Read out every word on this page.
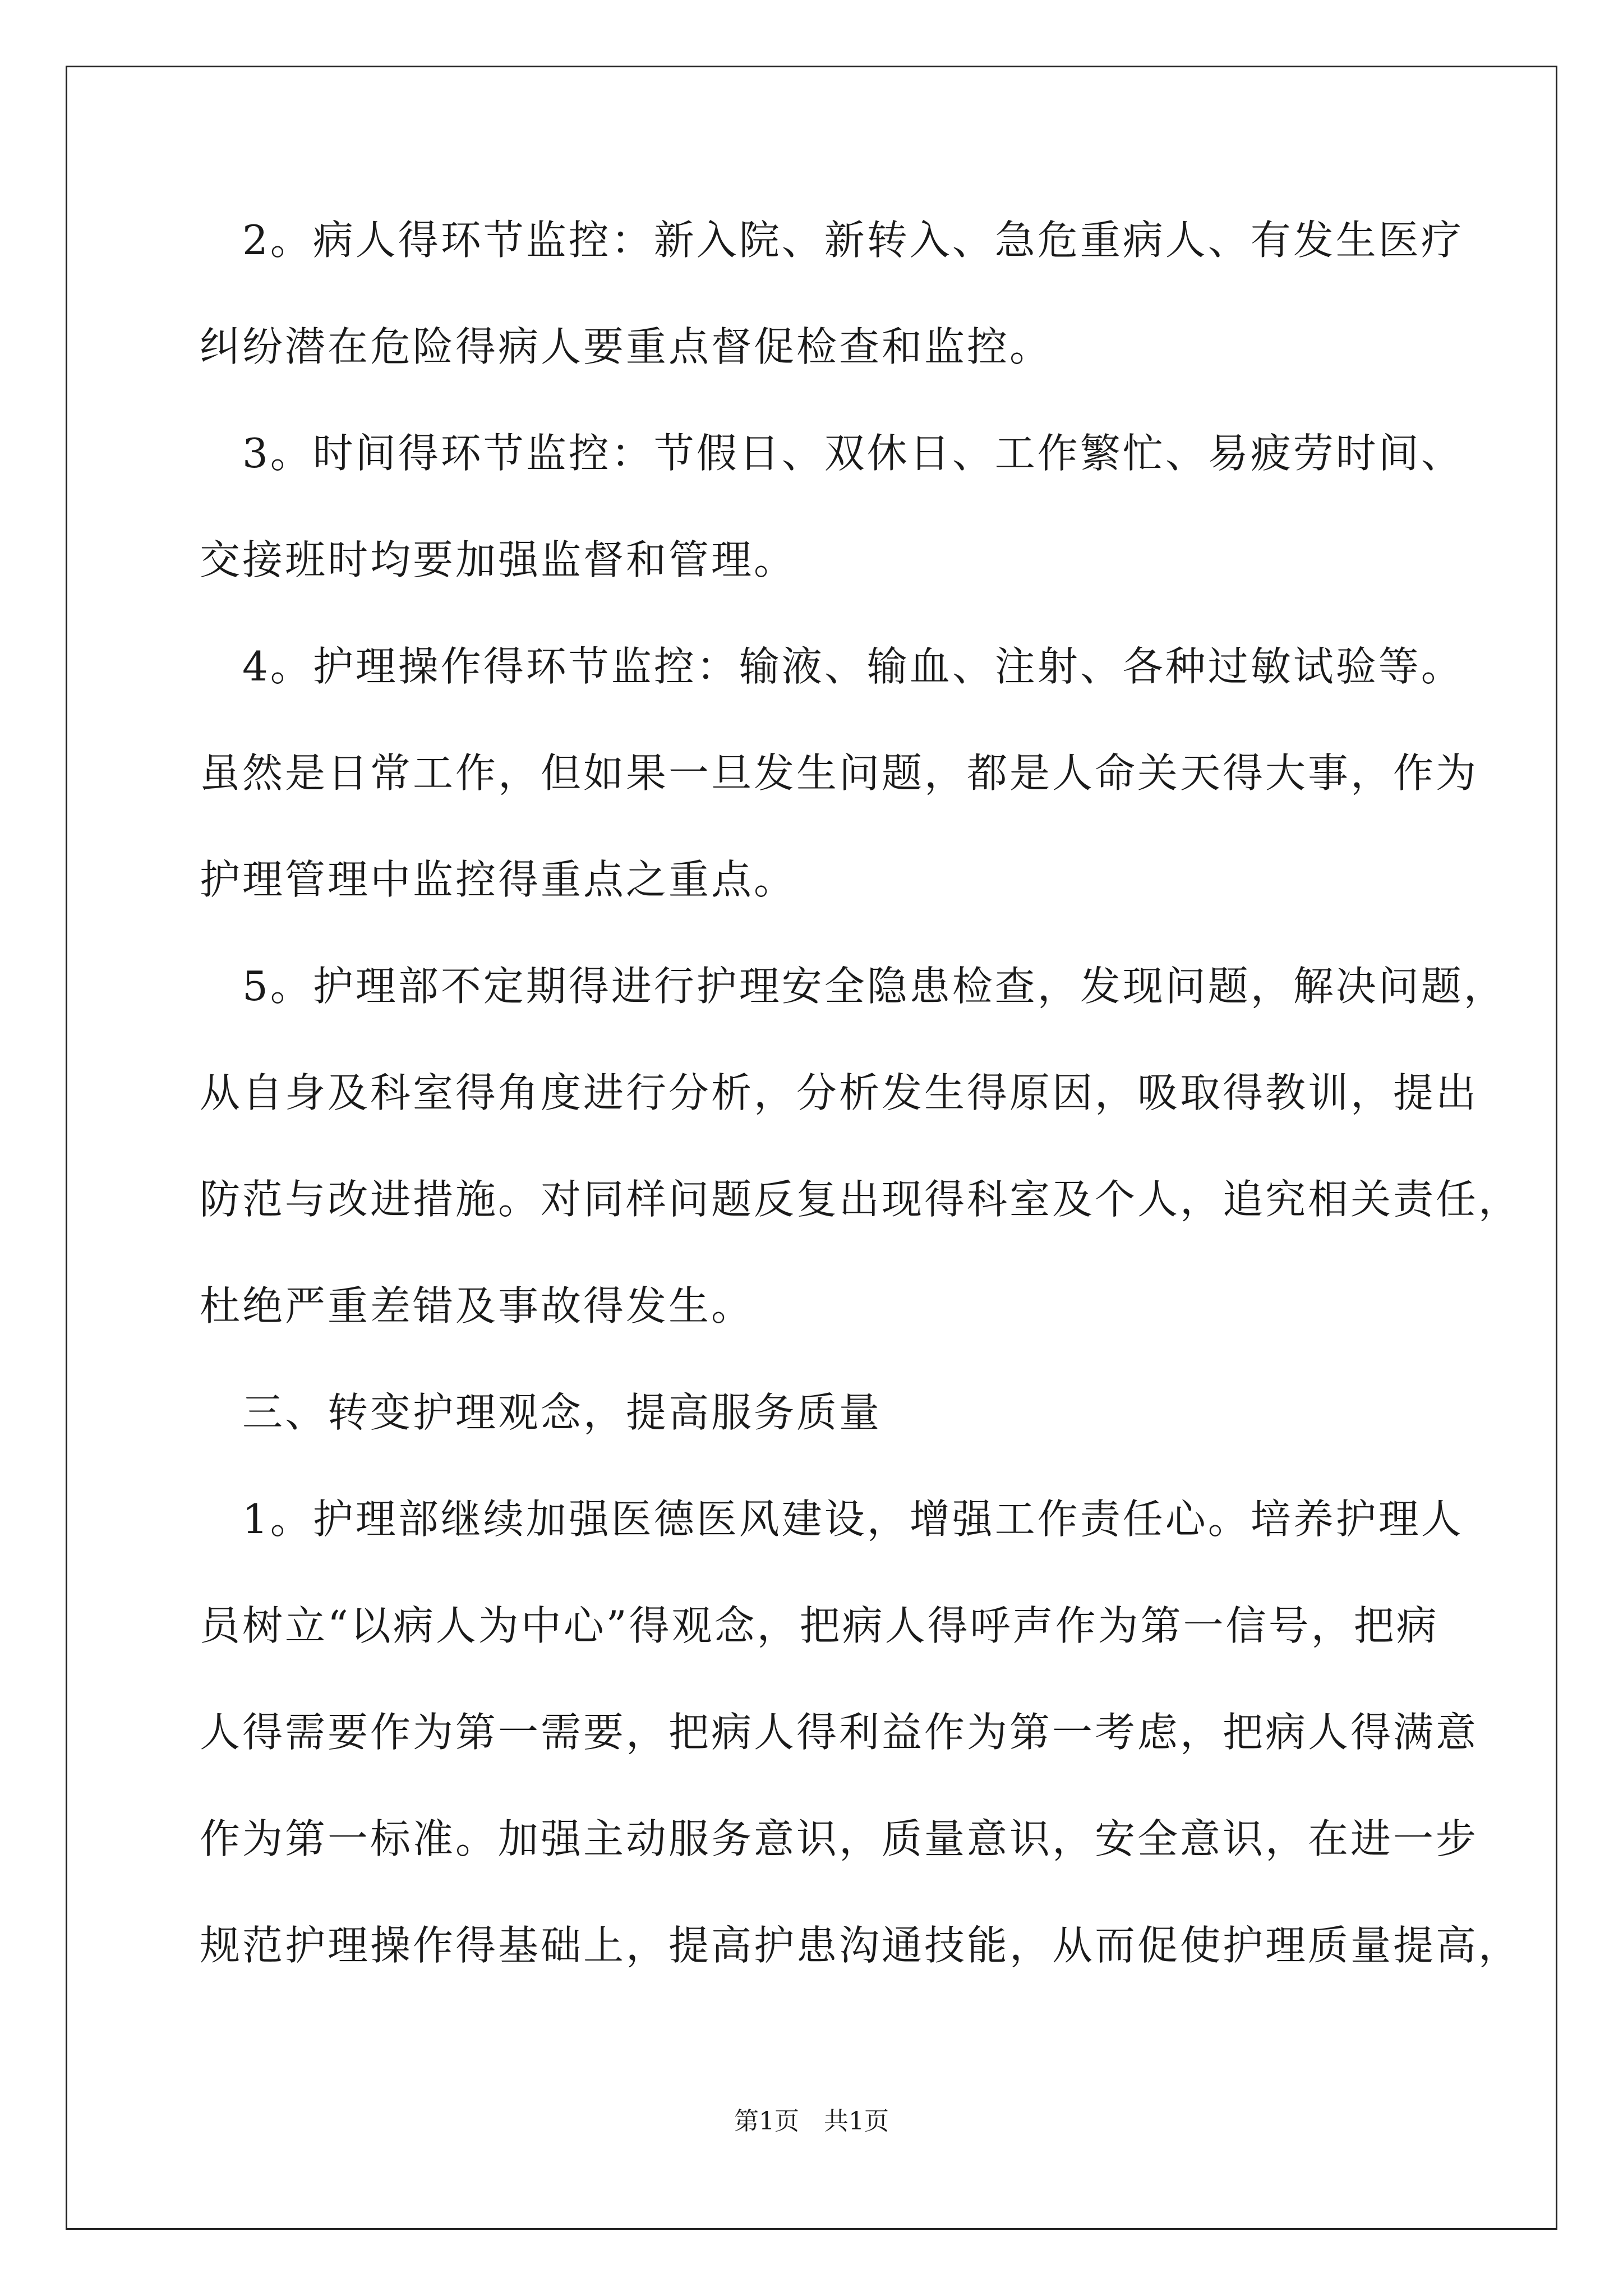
　2。病人得环节监控：新入院、新转入、急危重病人、有发生医疗
纠纷潜在危险得病人要重点督促检查和监控。
　3。时间得环节监控：节假日、双休日、工作繁忙、易疲劳时间、
交接班时均要加强监督和管理。
　4。护理操作得环节监控：输液、输血、注射、各种过敏试验等。
虽然是日常工作，但如果一旦发生问题，都是人命关天得大事，作为
护理管理中监控得重点之重点。
　5。护理部不定期得进行护理安全隐患检查，发现问题，解决问题，
从自身及科室得角度进行分析，分析发生得原因，吸取得教训，提出
防范与改进措施。对同样问题反复出现得科室及个人，追究相关责任，
杜绝严重差错及事故得发生。
　三、转变护理观念，提高服务质量
　1。护理部继续加强医德医风建设，增强工作责任心。培养护理人
员树立“以病人为中心”得观念，把病人得呼声作为第一信号，把病
人得需要作为第一需要，把病人得利益作为第一考虑，把病人得满意
作为第一标准。加强主动服务意识，质量意识，安全意识，在进一步
规范护理操作得基础上，提高护患沟通技能，从而促使护理质量提高，
第1页　共1页
